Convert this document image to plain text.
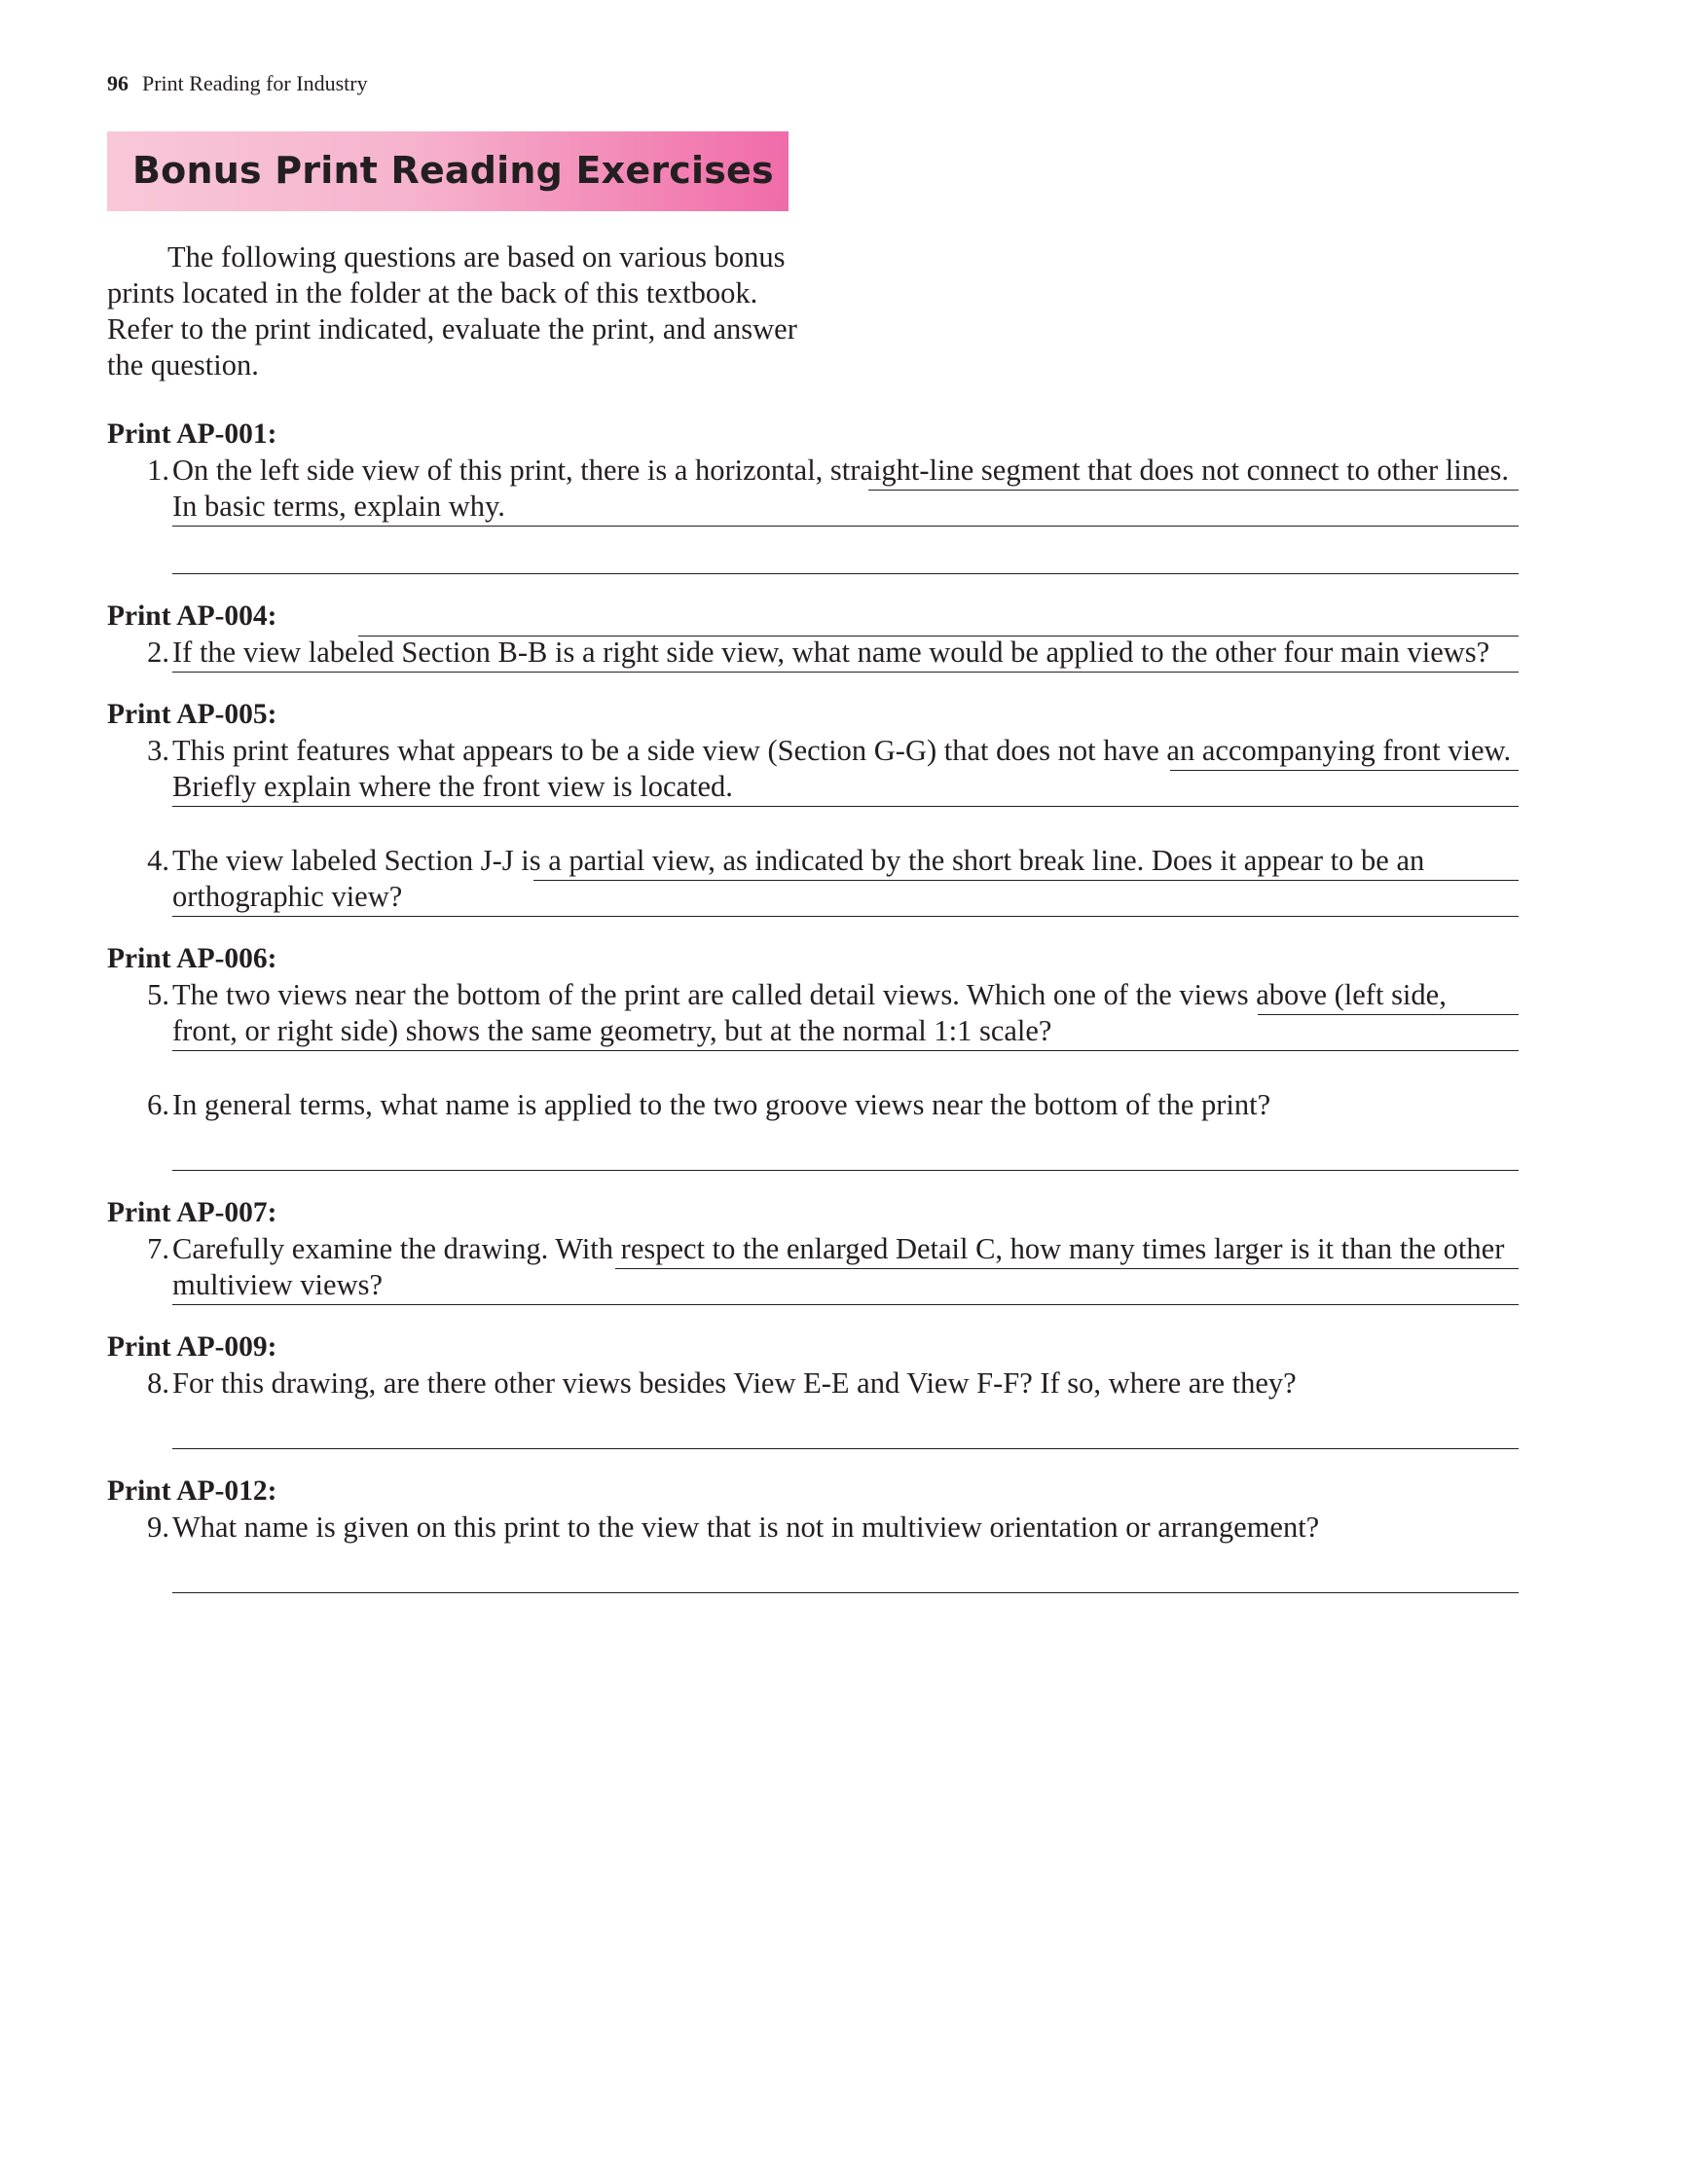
96 Print Reading for Industry
Bonus Print Reading Exercises

The following questions are based on various bonus prints located in the folder at the back of this textbook. Refer to the print indicated, evaluate the print, and answer the question.

Print AP-001:
1. On the left side view of this print, there is a horizontal, straight-line segment that does not connect to other lines. In basic terms, explain why.
Print AP-004:
2. If the view labeled Section B-B is a right side view, what name would be applied to the other four main views?
Print AP-005:
3. This print features what appears to be a side view (Section G-G) that does not have an accompanying front view. Briefly explain where the front view is located.
4. The view labeled Section J-J is a partial view, as indicated by the short break line. Does it appear to be an orthographic view?
Print AP-006:
5. The two views near the bottom of the print are called detail views. Which one of the views above (left side, front, or right side) shows the same geometry, but at the normal 1:1 scale?
6. In general terms, what name is applied to the two groove views near the bottom of the print?
Print AP-007:
7. Carefully examine the drawing. With respect to the enlarged Detail C, how many times larger is it than the other multiview views?
Print AP-009:
8. For this drawing, are there other views besides View E-E and View F-F? If so, where are they?
Print AP-012:
9. What name is given on this print to the view that is not in multiview orientation or arrangement?
